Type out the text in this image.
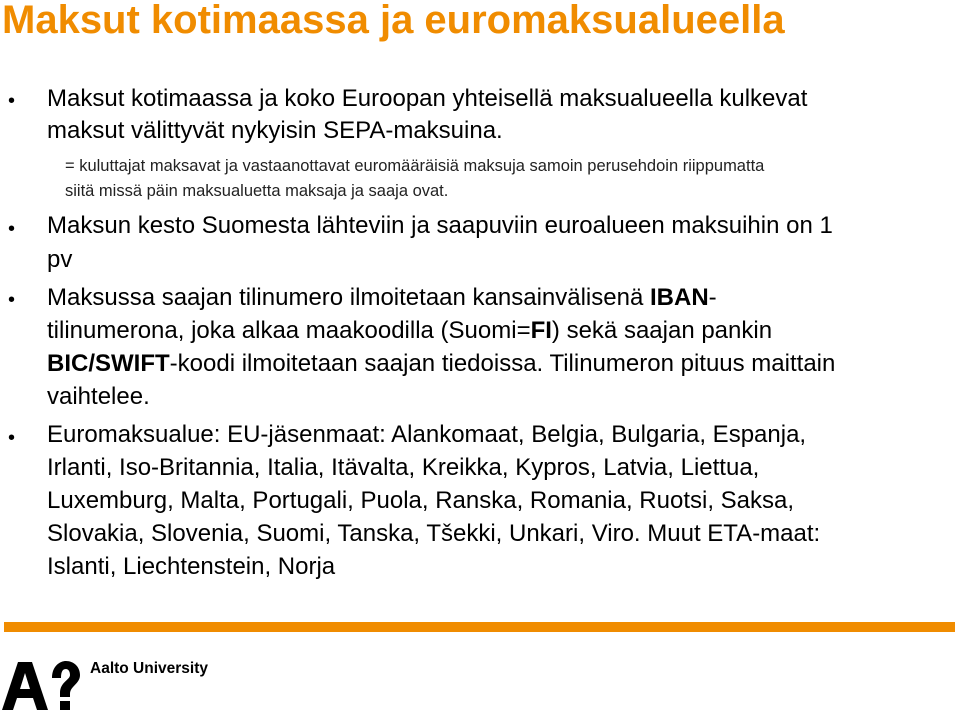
Maksut kotimaassa ja euromaksualueella
• Maksut kotimaassa ja koko Euroopan yhteisellä maksualueella kulkevat
maksut välittyvät nykyisin SEPA-maksuina.
= kuluttajat maksavat ja vastaanottavat euromääräisiä maksuja samoin perusehdoin riippumatta
siitä missä päin maksualuetta maksaja ja saaja ovat.
• Maksun kesto Suomesta lähteviin ja saapuviin euroalueen maksuihin on 1
pv
• Maksussa saajan tilinumero ilmoitetaan kansainvälisenä IBAN-
tilinumerona, joka alkaa maakoodilla (Suomi=FI) sekä saajan pankin
BIC/SWIFT-koodi ilmoitetaan saajan tiedoissa. Tilinumeron pituus maittain
vaihtelee.
• Euromaksualue: EU-jäsenmaat: Alankomaat, Belgia, Bulgaria, Espanja,
Irlanti, Iso-Britannia, Italia, Itävalta, Kreikka, Kypros, Latvia, Liettua,
Luxemburg, Malta, Portugali, Puola, Ranska, Romania, Ruotsi, Saksa,
Slovakia, Slovenia, Suomi, Tanska, Tšekki, Unkari, Viro. Muut ETA-maat:
Islanti, Liechtenstein, Norja
Aalto University
